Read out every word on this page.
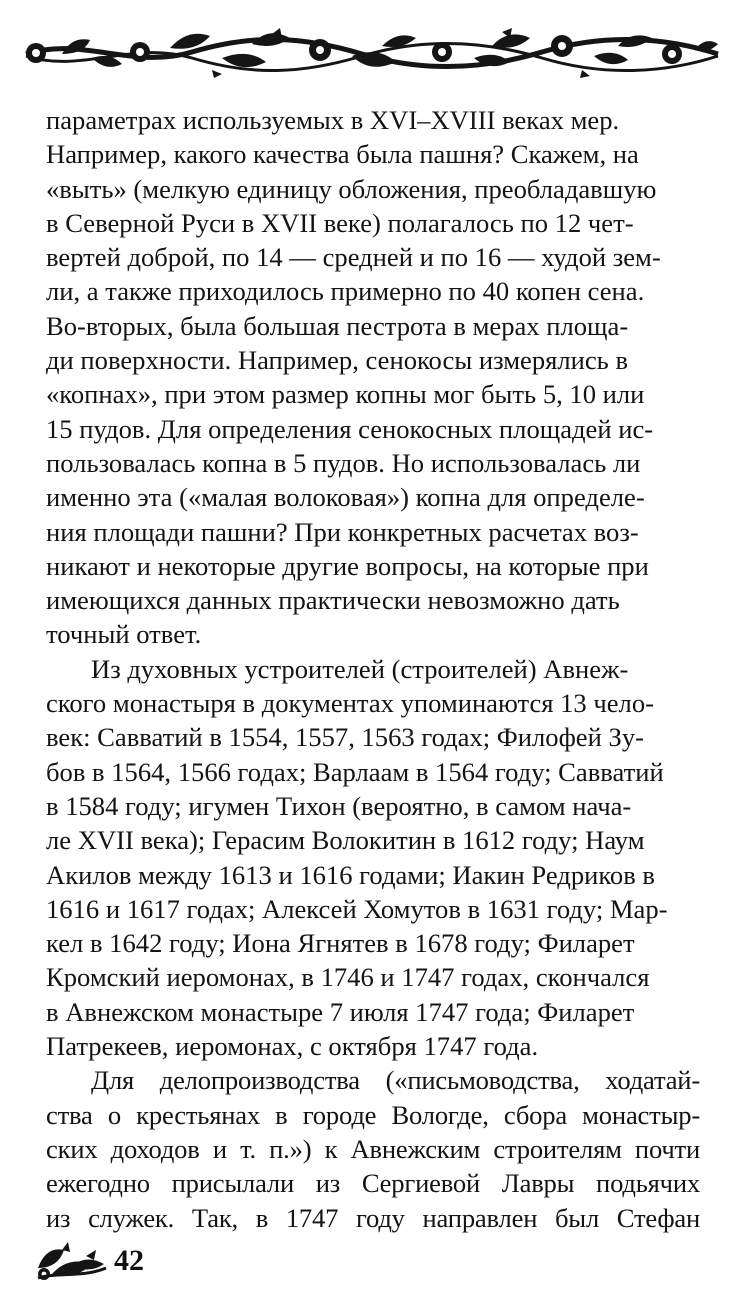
параметрах используемых в XVI–XVIII веках мер.
Например, какого качества была пашня? Скажем, на
«выть» (мелкую единицу обложения, преобладавшую
в Северной Руси в XVII веке) полагалось по 12 чет-
вертей доброй, по 14 — средней и по 16 — худой зем-
ли, а также приходилось примерно по 40 копен сена.
Во-вторых, была большая пестрота в мерах площа-
ди поверхности. Например, сенокосы измерялись в
«копнах», при этом размер копны мог быть 5, 10 или
15 пудов. Для определения сенокосных площадей ис-
пользовалась копна в 5 пудов. Но использовалась ли
именно эта («малая волоковая») копна для определе-
ния площади пашни? При конкретных расчетах воз-
никают и некоторые другие вопросы, на которые при
имеющихся данных практически невозможно дать
точный ответ.

Из духовных устроителей (строителей) Авнеж-
ского монастыря в документах упоминаются 13 чело-
век: Савватий в 1554, 1557, 1563 годах; Филофей Зу-
бов в 1564, 1566 годах; Варлаам в 1564 году; Савватий
в 1584 году; игумен Тихон (вероятно, в самом нача-
ле XVII века); Герасим Волокитин в 1612 году; Наум
Акилов между 1613 и 1616 годами; Иакин Редриков в
1616 и 1617 годах; Алексей Хомутов в 1631 году; Мар-
кел в 1642 году; Иона Ягнятев в 1678 году; Филарет
Кромский иеромонах, в 1746 и 1747 годах, скончался
в Авнежском монастыре 7 июля 1747 года; Филарет
Патрекеев, иеромонах, с октября 1747 года.

Для делопроизводства («письмоводства, ходатай-
ства о крестьянах в городе Вологде, сбора монастыр-
ских доходов и т. п.») к Авнежским строителям почти
ежегодно присылали из Сергиевой Лавры подьячих
из служек. Так, в 1747 году направлен был Стефан

42
